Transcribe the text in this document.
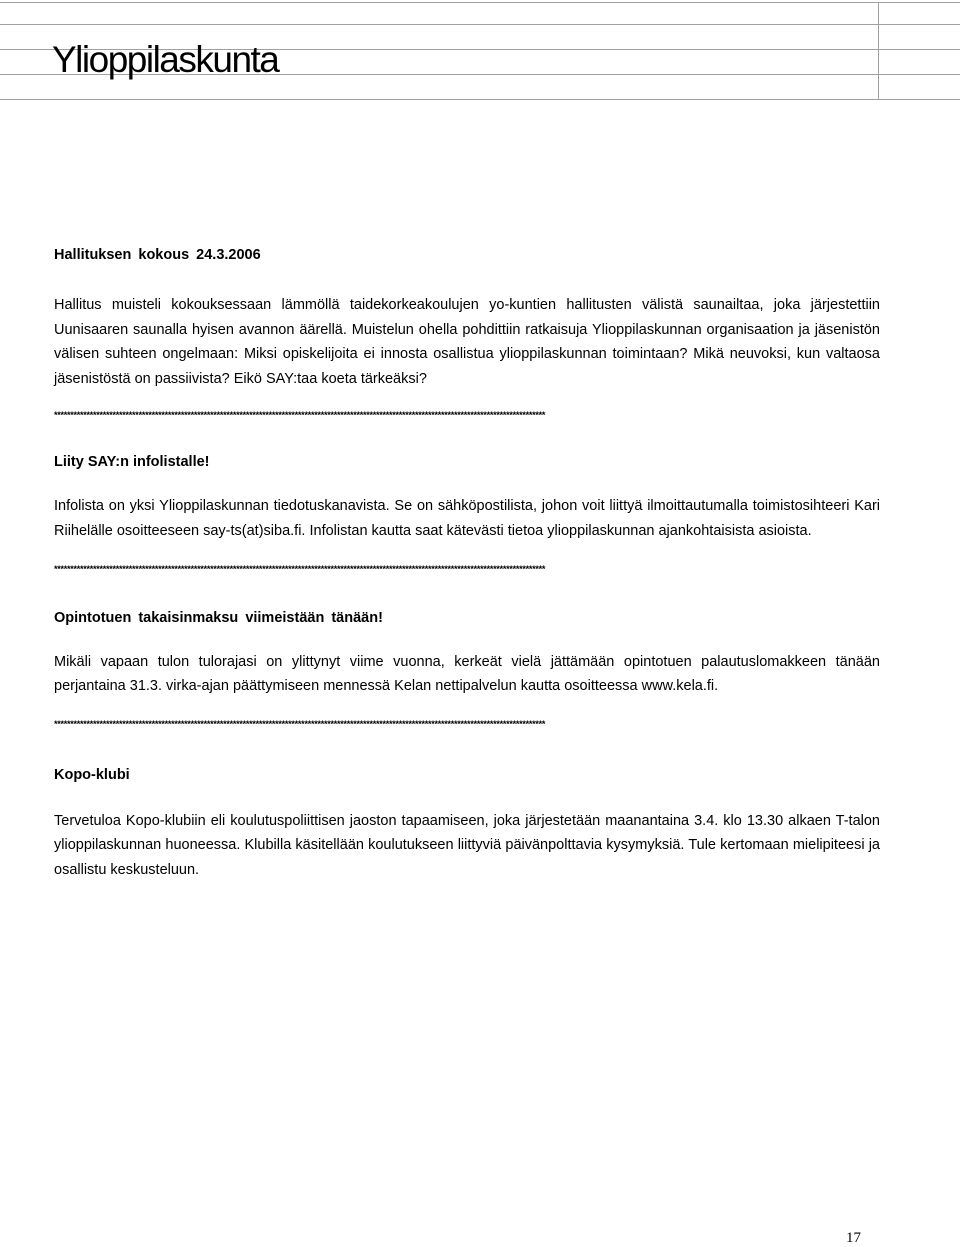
Ylioppilaskunta
Hallituksen kokous 24.3.2006

Hallitus muisteli kokouksessaan lämmöllä taidekorkeakoulujen yo-kuntien hallitusten välistä saunailtaa, joka järjestettiin Uunisaaren saunalla hyisen avannon äärellä. Muistelun ohella pohdittiin ratkaisuja Ylioppilaskunnan organisaation ja jäsenistön välisen suhteen ongelmaan: Miksi opiskelijoita ei innosta osallistua ylioppilaskunnan toimintaan? Mikä neuvoksi, kun valtaosa jäsenistöstä on passiivista? Eikö SAY:taa koeta tärkeäksi?

*******************************************************************************************************************************************************
Liity SAY:n infolistalle!

Infolista on yksi Ylioppilaskunnan tiedotuskanavista. Se on sähköpostilista, johon voit liittyä ilmoittautumalla toimistosihteeri Kari Riihelälle osoitteeseen say-ts(at)siba.fi. Infolistan kautta saat kätevästi tietoa ylioppilaskunnan ajankohtaisista asioista.

*******************************************************************************************************************************************************
Opintotuen takaisinmaksu viimeistään tänään!

Mikäli vapaan tulon tulorajasi on ylittynyt viime vuonna, kerkeät vielä jättämään opintotuen palautuslomakkeen tänään perjantaina 31.3. virka-ajan päättymiseen mennessä Kelan nettipalvelun kautta osoitteessa www.kela.fi.

*******************************************************************************************************************************************************
Kopo-klubi

Tervetuloa Kopo-klubiin eli koulutuspoliittisen jaoston tapaamiseen, joka järjestetään maanantaina 3.4. klo 13.30 alkaen T-talon ylioppilaskunnan huoneessa. Klubilla käsitellään koulutukseen liittyviä päivänpolttavia kysymyksiä. Tule kertomaan mielipiteesi ja osallistu keskusteluun.

17
